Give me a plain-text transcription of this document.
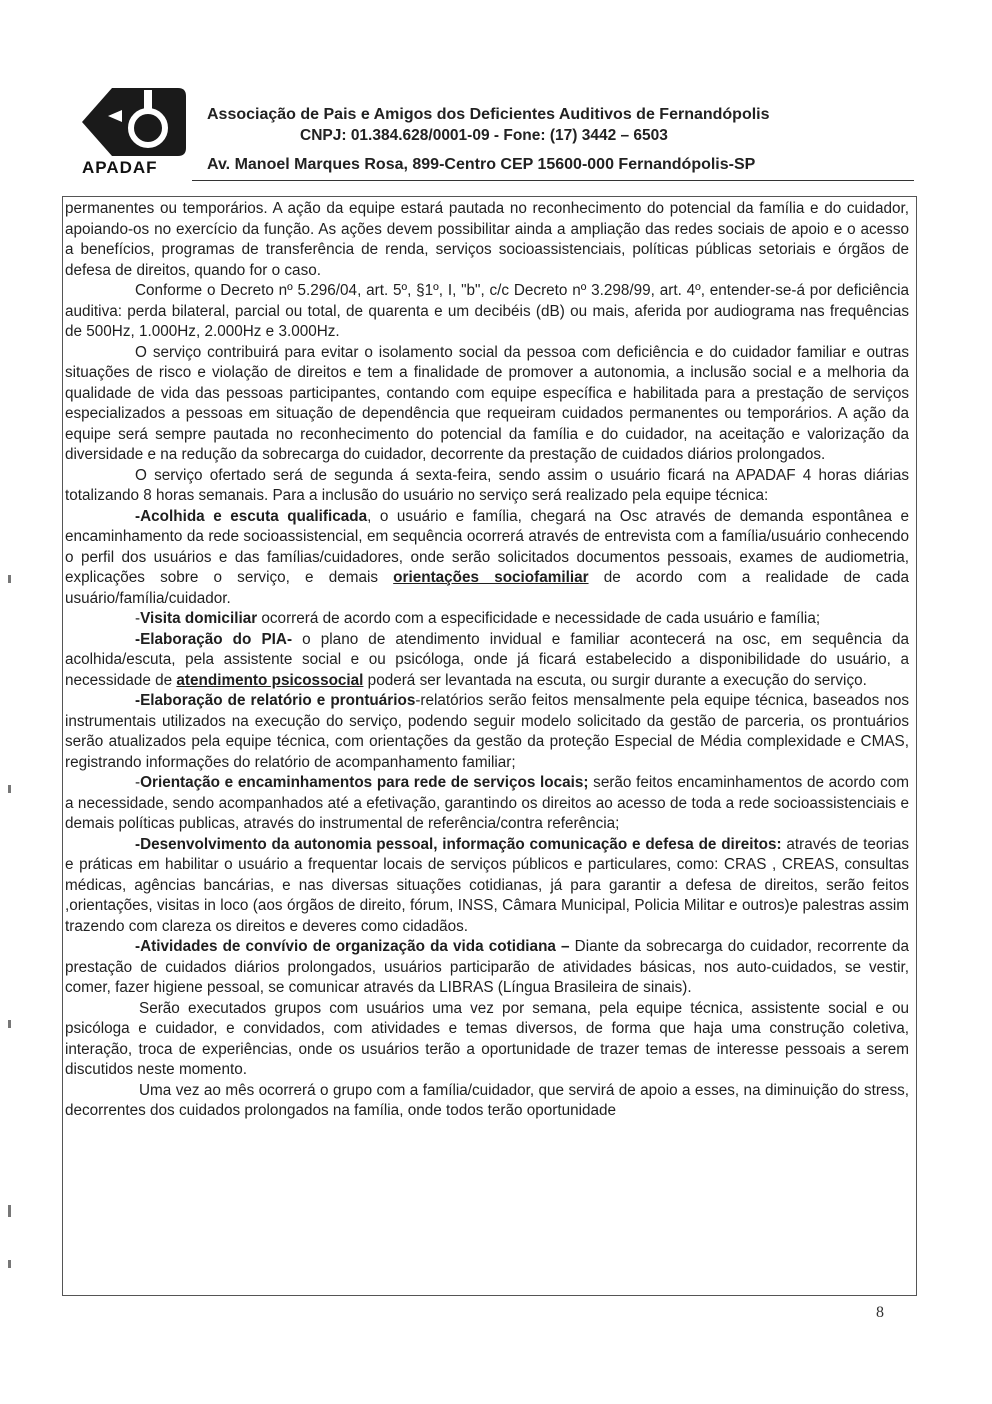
APADAF
Associação de Pais e Amigos dos Deficientes Auditivos de Fernandópolis
CNPJ: 01.384.628/0001-09 - Fone: (17) 3442 – 6503
Av. Manoel Marques Rosa, 899-Centro CEP 15600-000 Fernandópolis-SP

permanentes ou temporários. A ação da equipe estará pautada no reconhecimento do potencial da família e do cuidador, apoiando-os no exercício da função. As ações devem possibilitar ainda a ampliação das redes sociais de apoio e o acesso a benefícios, programas de transferência de renda, serviços socioassistenciais, políticas públicas setoriais e órgãos de defesa de direitos, quando for o caso.

Conforme o Decreto nº 5.296/04, art. 5º, §1º, I, "b", c/c Decreto nº 3.298/99, art. 4º, entender-se-á por deficiência auditiva: perda bilateral, parcial ou total, de quarenta e um decibéis (dB) ou mais, aferida por audiograma nas frequências de 500Hz, 1.000Hz, 2.000Hz e 3.000Hz.

O serviço contribuirá para evitar o isolamento social da pessoa com deficiência e do cuidador familiar e outras situações de risco e violação de direitos e tem a finalidade de promover a autonomia, a inclusão social e a melhoria da qualidade de vida das pessoas participantes, contando com equipe específica e habilitada para a prestação de serviços especializados a pessoas em situação de dependência que requeiram cuidados permanentes ou temporários. A ação da equipe será sempre pautada no reconhecimento do potencial da família e do cuidador, na aceitação e valorização da diversidade e na redução da sobrecarga do cuidador, decorrente da prestação de cuidados diários prolongados.

O serviço ofertado será de segunda á sexta-feira, sendo assim o usuário ficará na APADAF 4 horas diárias totalizando 8 horas semanais. Para a inclusão do usuário no serviço será realizado pela equipe técnica:

-Acolhida e escuta qualificada, o usuário e família, chegará na Osc através de demanda espontânea e encaminhamento da rede socioassistencial, em sequência ocorrerá através de entrevista com a família/usuário conhecendo o perfil dos usuários e das famílias/cuidadores, onde serão solicitados documentos pessoais, exames de audiometria, explicações sobre o serviço, e demais orientações sociofamiliar de acordo com a realidade de cada usuário/família/cuidador.

-Visita domiciliar ocorrerá de acordo com a especificidade e necessidade de cada usuário e família;

-Elaboração do PIA- o plano de atendimento invidual e familiar acontecerá na osc, em sequência da acolhida/escuta, pela assistente social e ou psicóloga, onde já ficará estabelecido a disponibilidade do usuário, a necessidade de atendimento psicossocial poderá ser levantada na escuta, ou surgir durante a execução do serviço.

-Elaboração de relatório e prontuários-relatórios serão feitos mensalmente pela equipe técnica, baseados nos instrumentais utilizados na execução do serviço, podendo seguir modelo solicitado da gestão de parceria, os prontuários serão atualizados pela equipe técnica, com orientações da gestão da proteção Especial de Média complexidade e CMAS, registrando informações do relatório de acompanhamento familiar;

-Orientação e encaminhamentos para rede de serviços locais; serão feitos encaminhamentos de acordo com a necessidade, sendo acompanhados até a efetivação, garantindo os direitos ao acesso de toda a rede socioassistenciais e demais políticas publicas, através do instrumental de referência/contra referência;

-Desenvolvimento da autonomia pessoal, informação comunicação e defesa de direitos: através de teorias e práticas em habilitar o usuário a frequentar locais de serviços públicos e particulares, como: CRAS , CREAS, consultas médicas, agências bancárias, e nas diversas situações cotidianas, já para garantir a defesa de direitos, serão feitos ,orientações, visitas in loco (aos órgãos de direito, fórum, INSS, Câmara Municipal, Policia Militar e outros)e palestras assim trazendo com clareza os direitos e deveres como cidadãos.

-Atividades de convívio de organização da vida cotidiana – Diante da sobrecarga do cuidador, recorrente da prestação de cuidados diários prolongados, usuários participarão de atividades básicas, nos auto-cuidados, se vestir, comer, fazer higiene pessoal, se comunicar através da LIBRAS (Língua Brasileira de sinais).

Serão executados grupos com usuários uma vez por semana, pela equipe técnica, assistente social e ou psicóloga e cuidador, e convidados, com atividades e temas diversos, de forma que haja uma construção coletiva, interação, troca de experiências, onde os usuários terão a oportunidade de trazer temas de interesse pessoais a serem discutidos neste momento.

Uma vez ao mês ocorrerá o grupo com a família/cuidador, que servirá de apoio a esses, na diminuição do stress, decorrentes dos cuidados prolongados na família, onde todos terão oportunidade

8
